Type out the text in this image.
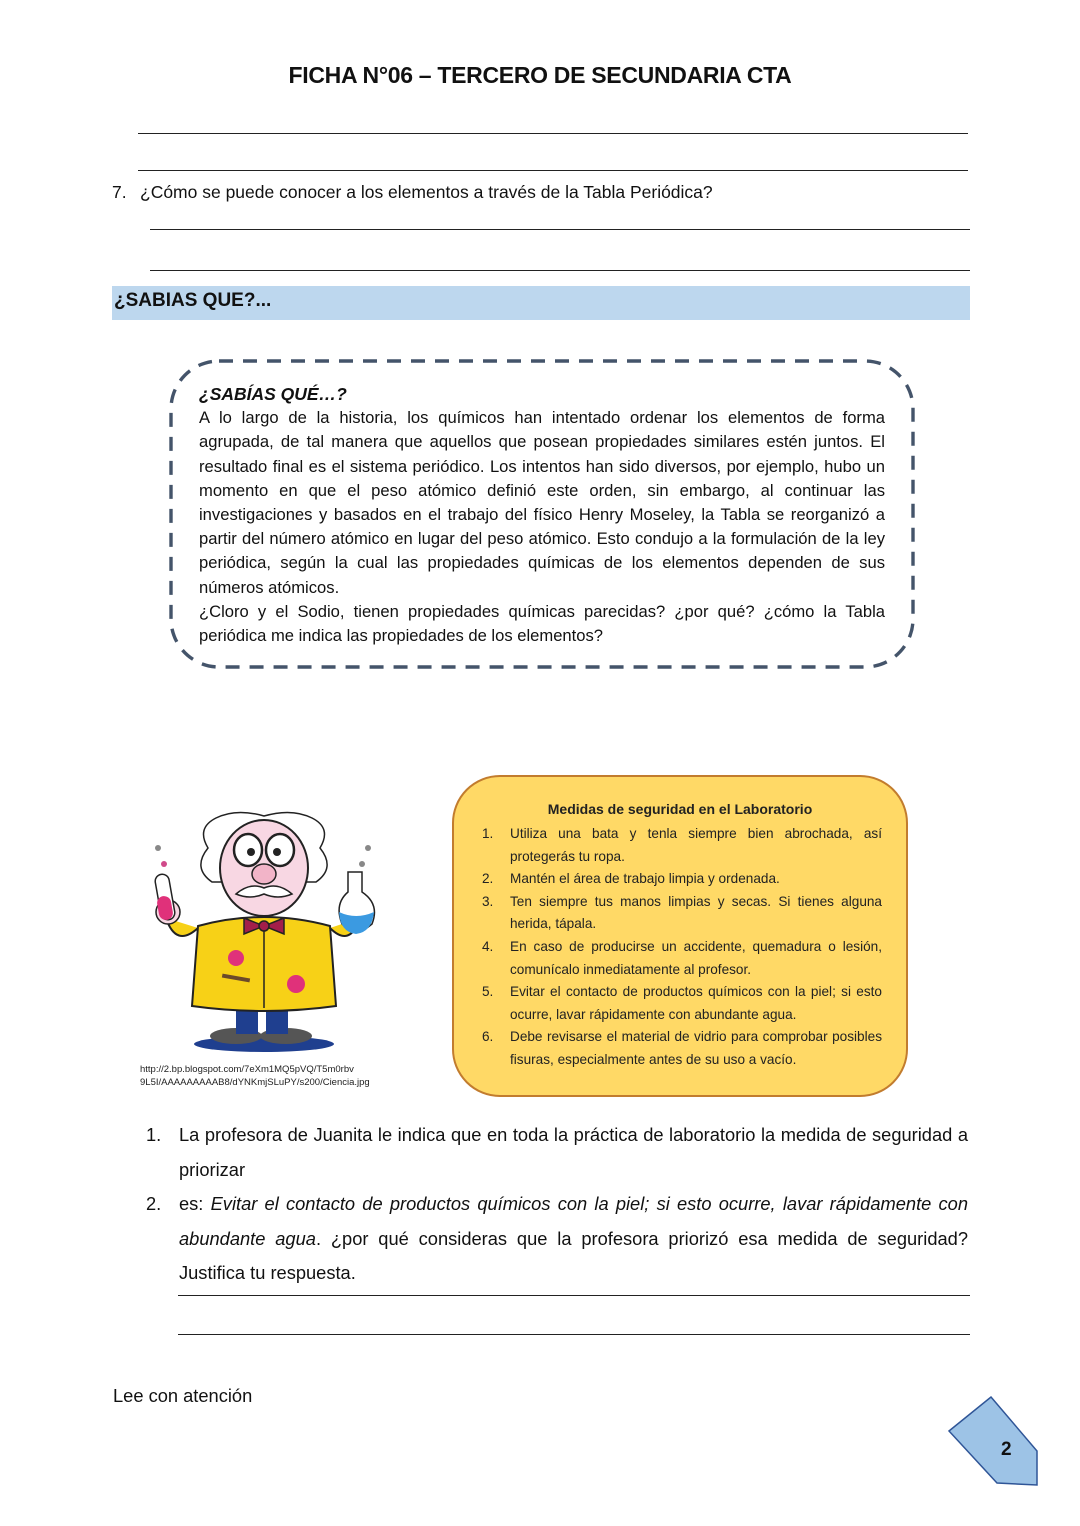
FICHA N°06 – TERCERO DE SECUNDARIA CTA
7. ¿Cómo se puede conocer a los elementos a través de la Tabla Periódica?
¿SABIAS QUE?...
¿SABÍAS QUÉ…?

A lo largo de la historia, los químicos han intentado ordenar los elementos de forma agrupada, de tal manera que aquellos que posean propiedades similares estén juntos. El resultado final es el sistema periódico. Los intentos han sido diversos, por ejemplo, hubo un momento en que el peso atómico definió este orden, sin embargo, al continuar las investigaciones y basados en el trabajo del físico Henry Moseley, la Tabla se reorganizó a partir del número atómico en lugar del peso atómico. Esto condujo a la formulación de la ley periódica, según la cual las propiedades químicas de los elementos dependen de sus números atómicos.

¿Cloro y el Sodio, tienen propiedades químicas parecidas? ¿por qué? ¿cómo la Tabla periódica me indica las propiedades de los elementos?

http://2.bp.blogspot.com/7eXm1MQ5pVQ/T5m0rbv
9L5I/AAAAAAAAAB8/dYNKmjSLuPY/s200/Ciencia.jpg
Medidas de seguridad en el Laboratorio
1. Utiliza una bata y tenla siempre bien abrochada, así protegerás tu ropa.
2. Mantén el área de trabajo limpia y ordenada.
3. Ten siempre tus manos limpias y secas. Si tienes alguna herida, tápala.
4. En caso de producirse un accidente, quemadura o lesión, comunícalo inmediatamente al profesor.
5. Evitar el contacto de productos químicos con la piel; si esto ocurre, lavar rápidamente con abundante agua.
6. Debe revisarse el material de vidrio para comprobar posibles fisuras, especialmente antes de su uso a vacío.
1. La profesora de Juanita le indica que en toda la práctica de laboratorio la medida de seguridad a priorizar
2. es: Evitar el contacto de productos químicos con la piel; si esto ocurre, lavar rápidamente con abundante agua. ¿por qué consideras que la profesora priorizó esa medida de seguridad? Justifica tu respuesta.
Lee con atención
2
